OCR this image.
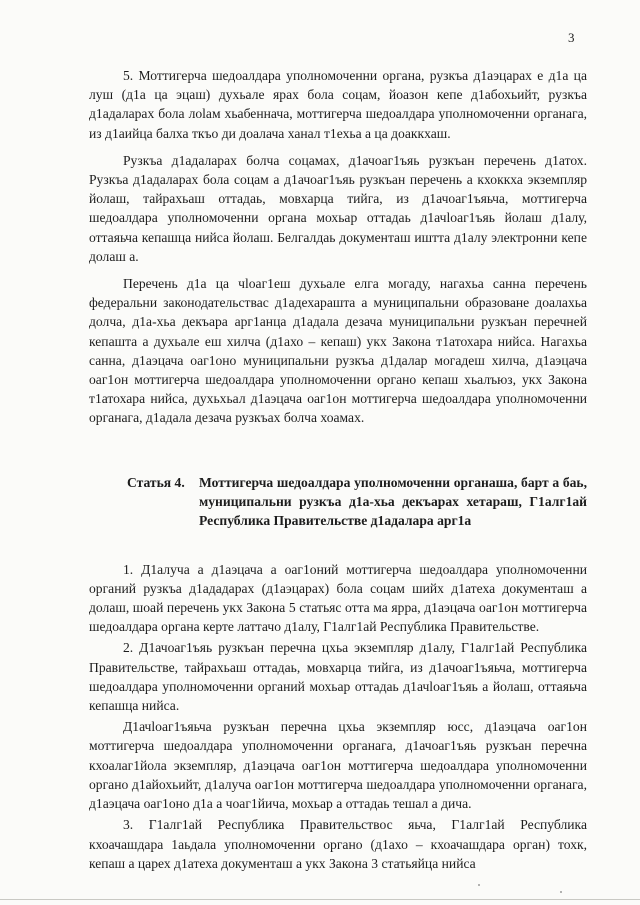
3

5. Моттигерча шедоалдара уполномоченни органа, рузкъа д1аэцарах е д1а ца луш (д1а ца эцаш) духьале ярах бола соцам, йоазон кепе д1абохьийт, рузкъа д1адаларах бола лоlам хьабеннача, моттигерча шедоалдара уполномоченни органага, из д1аийца балха ткъо ди доалача ханал т1ехьа а ца доаккхаш.

Рузкъа д1адаларах болча соцамах, д1ачоаг1ъяь рузкъан перечень д1атох. Рузкъа д1адаларах бола соцам а д1ачоаг1ъяь рузкъан перечень а кхоккха экземпляр йолаш, тайрахьаш оттадаь, мовхарца тийга, из д1ачоаг1ъяьча, моттигерча шедоалдара уполномоченни органа мохьар оттадаь д1ачlоаг1ъяь йолаш д1алу, оттаяьча кепашца нийса йолаш. Белгалдаь документаш иштта д1алу электронни кепе долаш а.

Перечень д1а ца чlоаг1еш духьале елга могаду, нагахьа санна перечень федеральни законодательствас д1адехараштa а муниципальни образоване доалахьа долча, д1а-хьа декъара арг1анца д1адала дезача муниципальни рузкъан перечней кепашта а духьале еш хилча (д1ахо – кепаш) укх Закона т1атохара нийса. Нагахьа санна, д1аэцача оаг1оно муниципальни рузкъа д1далар могадеш хилча, д1аэцача оаг1он моттигерча шедоалдара уполномоченни органо кепаш хьалъюз, укх Закона т1атохара нийса, духьхьал д1аэцача оаг1он моттигерча шедоалдара уполномоченни органага, д1адала дезача рузкъах болча хоамах.

Статья 4.	Моттигерча шедоалдара уполномоченни органаша, барт а баь, муниципальни рузкъа д1а-хьа декъарах хетараш, Г1алг1ай Республика Правительстве д1адалара арг1а

1. Д1алуча а д1аэцача а оаг1оний моттигерча шедоалдара уполномоченни органий рузкъа д1ададарах (д1аэцарах) бола соцам шийх д1атеха документаш а долаш, шоай перечень укх Закона 5 статьяс отта ма ярра, д1аэцача оаг1он моттигерча шедоалдара органа керте латтачо д1алу, Г1алг1ай Республика Правительстве.

2. Д1ачоаг1ъяь рузкъан перечна цхьа экземпляр д1алу, Г1алг1ай Республика Правительстве, тайрахьаш оттадаь, мовхарца тийга, из д1ачоаг1ъяьча, моттигерча шедоалдара уполномоченни органий мохьар оттадаь д1ачlоаг1ъяь а йолаш, оттаяьча кепашца нийса.

Д1ачlоаг1ъяьча рузкъан перечна цхьа экземпляр юсс, д1аэцача оаг1он моттигерча шедоалдара уполномоченни органага, д1ачоаг1ъяь рузкъан перечна кхоалаг1йола экземпляр, д1аэцача оаг1он моттигерча шедоалдара уполномоченни органо д1айохьийт, д1алуча оаг1он моттигерча шедоалдара уполномоченни органага, д1аэцача оаг1оно д1а а чоаг1йича, мохьар а оттадаь тешал а дича.

3. Г1алг1ай Республика Правительствос яьча, Г1алг1ай Республика кхоачашдара 1аьдала уполномоченни органо (д1ахо – кхоачашдара орган) тохк, кепаш а царех д1атеха документаш а укх Закона 3 статьяйца нийса
